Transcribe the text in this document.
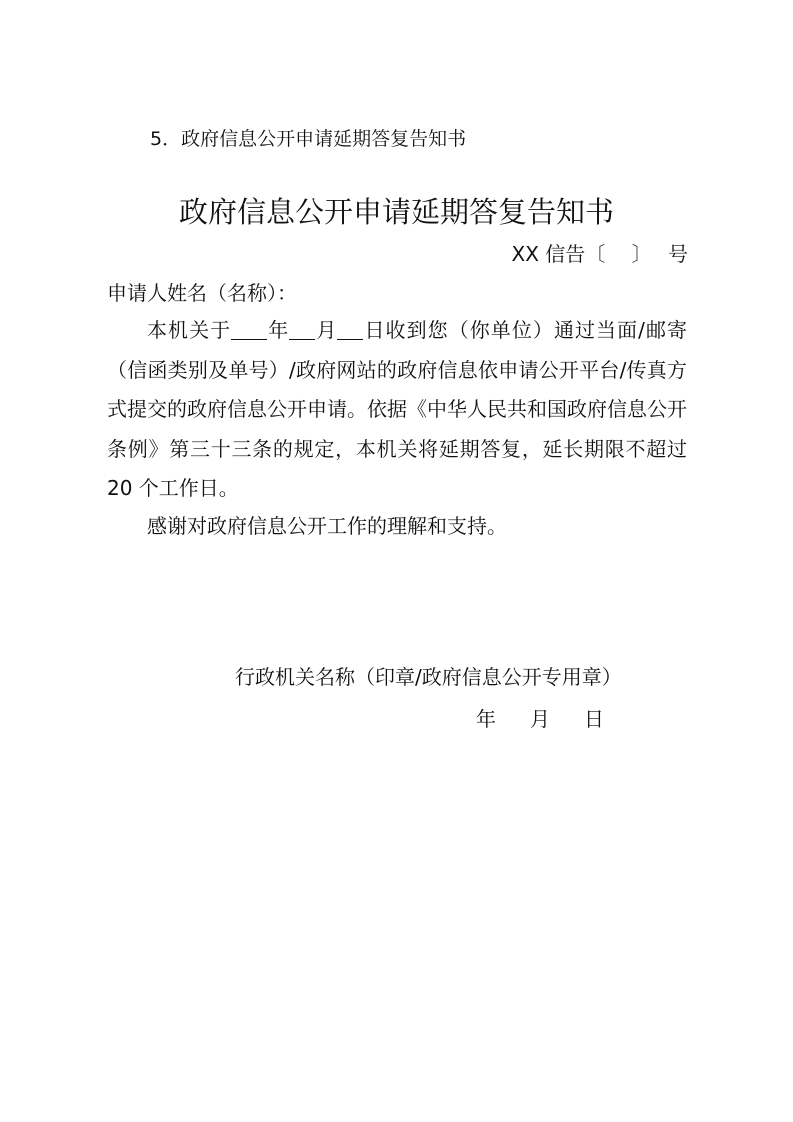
5．政府信息公开申请延期答复告知书
政府信息公开申请延期答复告知书
XX 信告〔　 〕　 号
申请人姓名（名称）：
本机关于 年 月 日收到您（你单位）通过当面/邮寄（信函类别及单号）/政府网站的政府信息依申请公开平台/传真方式提交的政府信息公开申请。依据《中华人民共和国政府信息公开条例》第三十三条的规定，本机关将延期答复，延长期限不超过 20 个工作日。
感谢对政府信息公开工作的理解和支持。
行政机关名称（印章/政府信息公开专用章）
年 月 日
